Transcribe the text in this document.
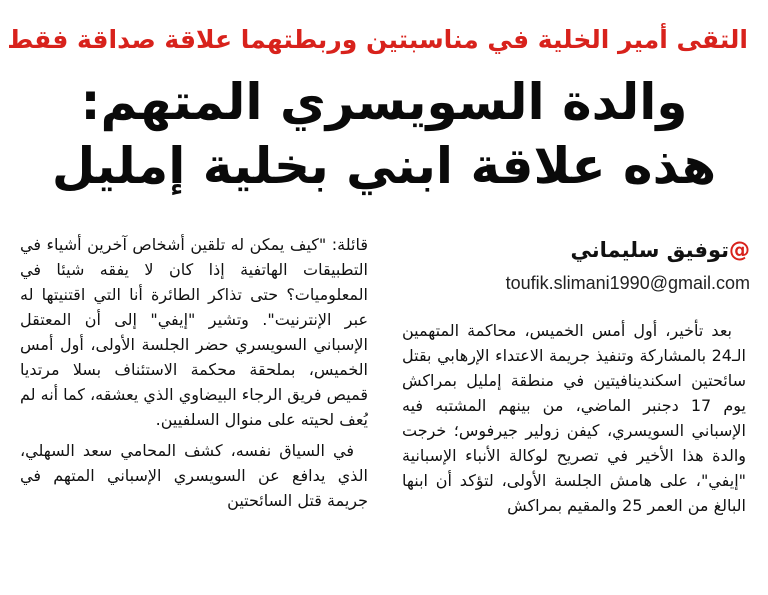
التقى أمير الخلية في مناسبتين وربطتهما علاقة صداقة فقط
والدة السويسري المتهم:
هذه علاقة ابني بخلية إمليل
@توفيق سليماني
toufik.slimani1990@gmail.com

بعد تأخير، أول أمس الخميس، محاكمة المتهمين الـ24 بالمشاركة وتنفيذ جريمة الاعتداء الإرهابي بقتل سائحتين اسكندينافيتين في منطقة إمليل بمراكش يوم 17 دجنبر الماضي، من بينهم المشتبه فيه الإسباني السويسري، كيفن زولير جيرفوس؛ خرجت والدة هذا الأخير في تصريح لوكالة الأنباء الإسبانية "إيفي"، على هامش الجلسة الأولى، لتؤكد أن ابنها البالغ من العمر 25 والمقيم بمراكش

قائلة: "كيف يمكن له تلقين أشخاص آخرين أشياء في التطبيقات الهاتفية إذا كان لا يفقه شيئا في المعلوميات؟ حتى تذاكر الطائرة أنا التي اقتنيتها له عبر الإنترنيت". وتشير "إيفي" إلى أن المعتقل الإسباني السويسري حضر الجلسة الأولى، أول أمس الخميس، بملحقة محكمة الاستئناف بسلا مرتديا قميص فريق الرجاء البيضاوي الذي يعشقه، كما أنه لم يُعف لحيته على منوال السلفيين.

في السياق نفسه، كشف المحامي سعد السهلي، الذي يدافع عن السويسري الإسباني المتهم في جريمة قتل السائحتين
